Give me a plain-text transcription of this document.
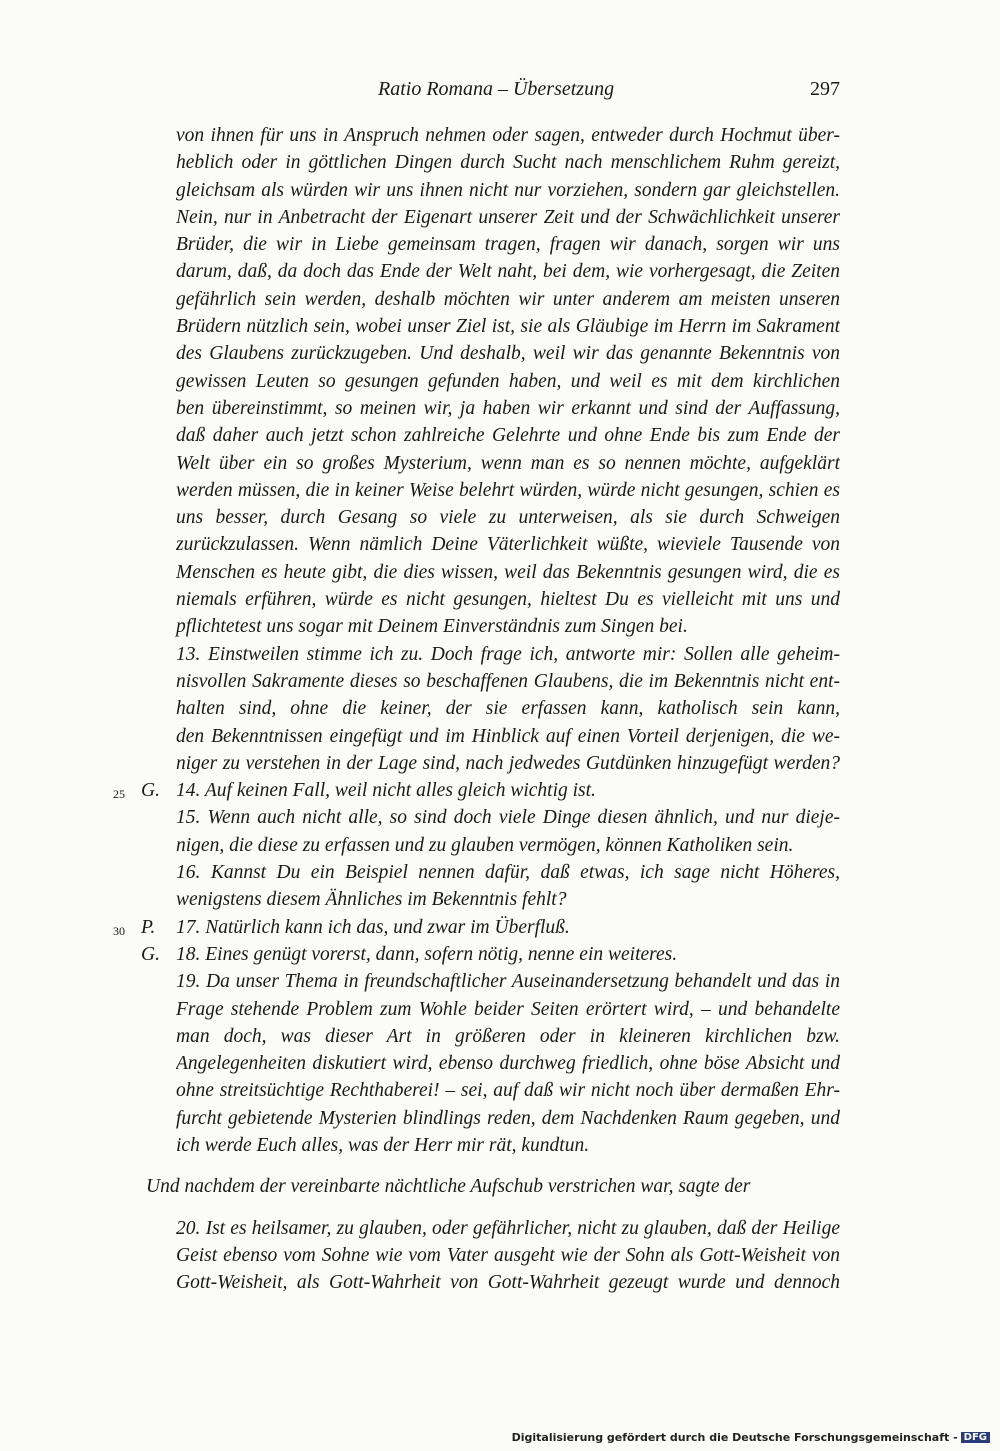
Ratio Romana – Übersetzung	297
von ihnen für uns in Anspruch nehmen oder sagen, entweder durch Hochmut über-
heblich oder in göttlichen Dingen durch Sucht nach menschlichem Ruhm gereizt,
gleichsam als würden wir uns ihnen nicht nur vorziehen, sondern gar gleichstellen.
Nein, nur in Anbetracht der Eigenart unserer Zeit und der Schwächlichkeit unserer
Brüder, die wir in Liebe gemeinsam tragen, fragen wir danach, sorgen wir uns
darum, daß, da doch das Ende der Welt naht, bei dem, wie vorhergesagt, die Zeiten
gefährlich sein werden, deshalb möchten wir unter anderem am meisten unseren
Brüdern nützlich sein, wobei unser Ziel ist, sie als Gläubige im Herrn im Sakrament
des Glaubens zurückzugeben. Und deshalb, weil wir das genannte Bekenntnis von
gewissen Leuten so gesungen gefunden haben, und weil es mit dem kirchlichen
ben übereinstimmt, so meinen wir, ja haben wir erkannt und sind der Auffassung,
daß daher auch jetzt schon zahlreiche Gelehrte und ohne Ende bis zum Ende der
Welt über ein so großes Mysterium, wenn man es so nennen möchte, aufgeklärt
werden müssen, die in keiner Weise belehrt würden, würde nicht gesungen, schien es
uns besser, durch Gesang so viele zu unterweisen, als sie durch Schweigen
zurückzulassen. Wenn nämlich Deine Väterlichkeit wüßte, wieviele Tausende von
Menschen es heute gibt, die dies wissen, weil das Bekenntnis gesungen wird, die es
niemals erführen, würde es nicht gesungen, hieltest Du es vielleicht mit uns und
pflichtetest uns sogar mit Deinem Einverständnis zum Singen bei.
13. Einstweilen stimme ich zu. Doch frage ich, antworte mir: Sollen alle geheim-
nisvollen Sakramente dieses so beschaffenen Glaubens, die im Bekenntnis nicht ent-
halten sind, ohne die keiner, der sie erfassen kann, katholisch sein kann,
den Bekenntnissen eingefügt und im Hinblick auf einen Vorteil derjenigen, die we-
niger zu verstehen in der Lage sind, nach jedwedes Gutdünken hinzugefügt werden?
25 G. 14. Auf keinen Fall, weil nicht alles gleich wichtig ist.
15. Wenn auch nicht alle, so sind doch viele Dinge diesen ähnlich, und nur dieje-
nigen, die diese zu erfassen und zu glauben vermögen, können Katholiken sein.
16. Kannst Du ein Beispiel nennen dafür, daß etwas, ich sage nicht Höheres,
wenigstens diesem Ähnliches im Bekenntnis fehlt?
30 P. 17. Natürlich kann ich das, und zwar im Überfluß.
G. 18. Eines genügt vorerst, dann, sofern nötig, nenne ein weiteres.
19. Da unser Thema in freundschaftlicher Auseinandersetzung behandelt und das in
Frage stehende Problem zum Wohle beider Seiten erörtert wird, – und behandelte
man doch, was dieser Art in größeren oder in kleineren kirchlichen bzw.
Angelegenheiten diskutiert wird, ebenso durchweg friedlich, ohne böse Absicht und
ohne streitsüchtige Rechthaberei! – sei, auf daß wir nicht noch über dermaßen Ehr-
furcht gebietende Mysterien blindlings reden, dem Nachdenken Raum gegeben, und
ich werde Euch alles, was der Herr mir rät, kundtun.
Und nachdem der vereinbarte nächtliche Aufschub verstrichen war, sagte der
20. Ist es heilsamer, zu glauben, oder gefährlicher, nicht zu glauben, daß der Heilige
Geist ebenso vom Sohne wie vom Vater ausgeht wie der Sohn als Gott-Weisheit von
Gott-Weisheit, als Gott-Wahrheit von Gott-Wahrheit gezeugt wurde und dennoch
Digitalisierung gefördert durch die Deutsche Forschungsgemeinschaft - DFG
